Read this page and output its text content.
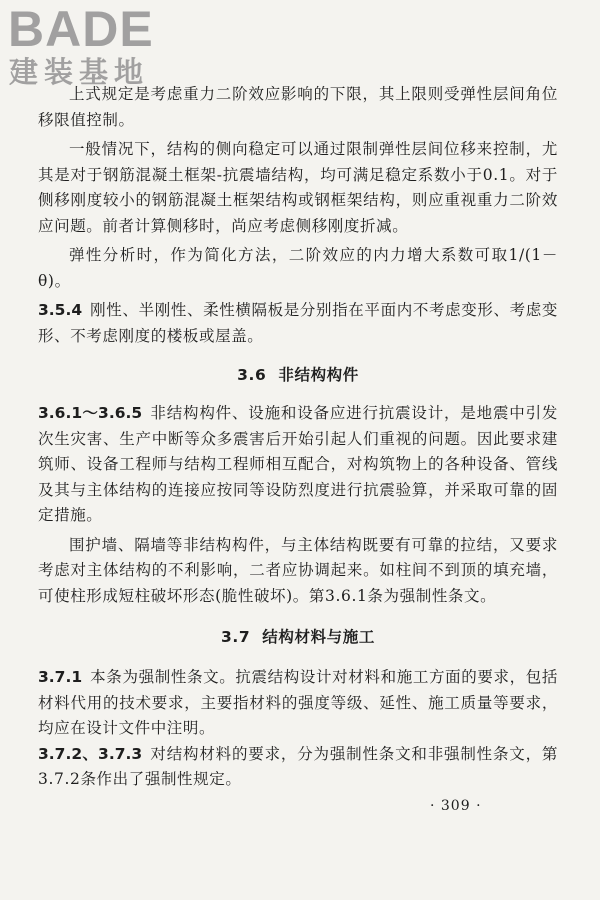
BADE
建装基地

上式规定是考虑重力二阶效应影响的下限，其上限则受弹性层间角位移限值控制。

一般情况下，结构的侧向稳定可以通过限制弹性层间位移来控制，尤其是对于钢筋混凝土框架-抗震墙结构，均可满足稳定系数小于0.1。对于侧移刚度较小的钢筋混凝土框架结构或钢框架结构，则应重视重力二阶效应问题。前者计算侧移时，尚应考虑侧移刚度折减。

弹性分析时，作为简化方法，二阶效应的内力增大系数可取1/(1－θ)。

3.5.4 刚性、半刚性、柔性横隔板是分别指在平面内不考虑变形、考虑变形、不考虑刚度的楼板或屋盖。

3.6 非结构构件

3.6.1～3.6.5 非结构构件、设施和设备应进行抗震设计，是地震中引发次生灾害、生产中断等众多震害后开始引起人们重视的问题。因此要求建筑师、设备工程师与结构工程师相互配合，对构筑物上的各种设备、管线及其与主体结构的连接应按同等设防烈度进行抗震验算，并采取可靠的固定措施。

围护墙、隔墙等非结构构件，与主体结构既要有可靠的拉结，又要求考虑对主体结构的不利影响，二者应协调起来。如柱间不到顶的填充墙，可使柱形成短柱破坏形态(脆性破坏)。第3.6.1条为强制性条文。

3.7 结构材料与施工

3.7.1 本条为强制性条文。抗震结构设计对材料和施工方面的要求，包括材料代用的技术要求，主要指材料的强度等级、延性、施工质量等要求，均应在设计文件中注明。

3.7.2、3.7.3 对结构材料的要求，分为强制性条文和非强制性条文，第3.7.2条作出了强制性规定。

· 309 ·
